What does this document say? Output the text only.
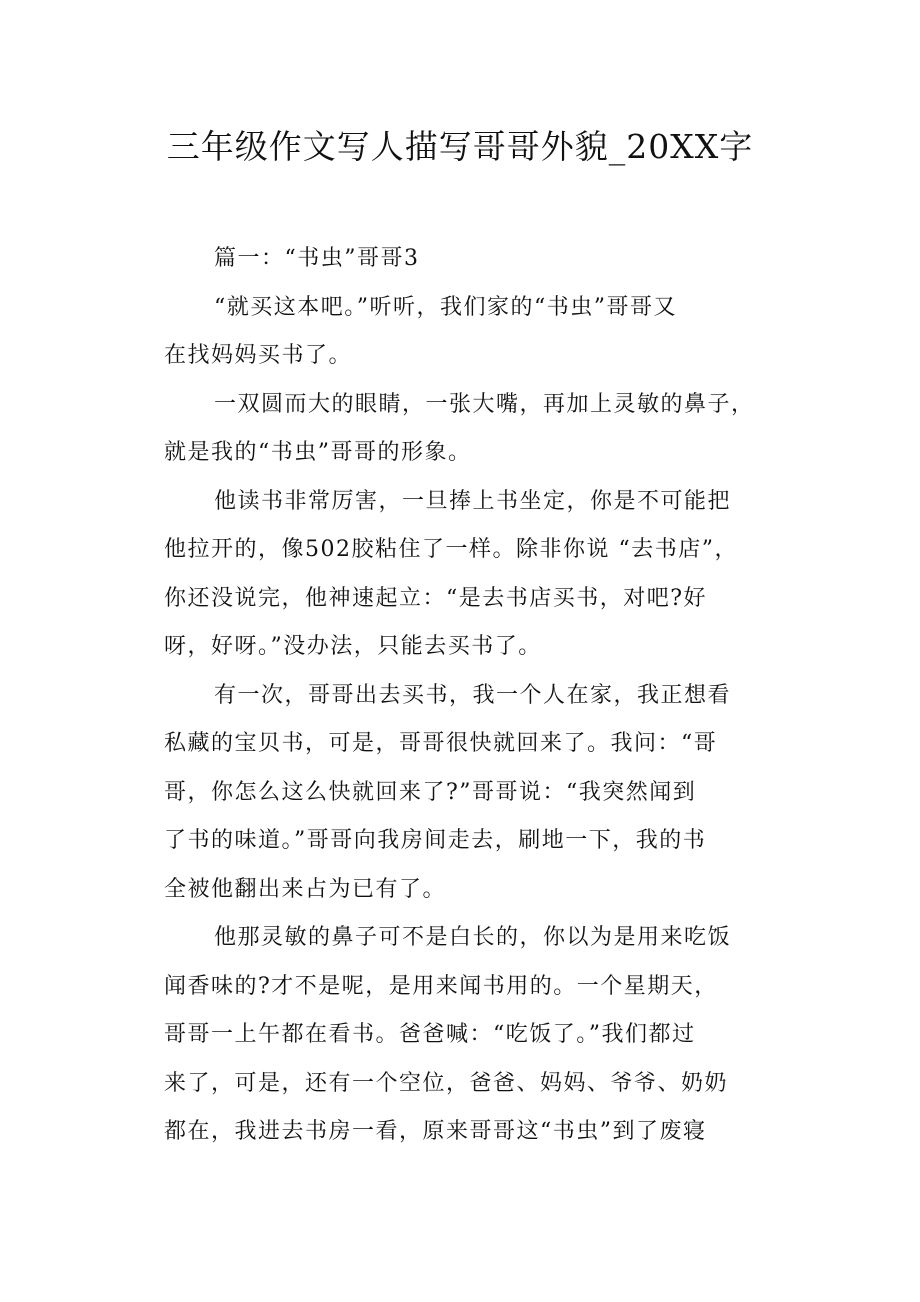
三年级作文写人描写哥哥外貌_20XX字
篇一：“书虫”哥哥3
“就买这本吧。”听听，我们家的“书虫”哥哥又
在找妈妈买书了。
一双圆而大的眼睛，一张大嘴，再加上灵敏的鼻子，
就是我的“书虫”哥哥的形象。
他读书非常厉害，一旦捧上书坐定，你是不可能把
他拉开的，像502胶粘住了一样。除非你说 “去书店”，
你还没说完，他神速起立：“是去书店买书，对吧?好
呀，好呀。”没办法，只能去买书了。
有一次，哥哥出去买书，我一个人在家，我正想看
私藏的宝贝书，可是，哥哥很快就回来了。我问：“哥
哥，你怎么这么快就回来了?”哥哥说：“我突然闻到
了书的味道。”哥哥向我房间走去，刷地一下，我的书
全被他翻出来占为已有了。
他那灵敏的鼻子可不是白长的，你以为是用来吃饭
闻香味的?才不是呢，是用来闻书用的。一个星期天，
哥哥一上午都在看书。爸爸喊：“吃饭了。”我们都过
来了，可是，还有一个空位，爸爸、妈妈、爷爷、奶奶
都在，我进去书房一看，原来哥哥这“书虫”到了废寝
